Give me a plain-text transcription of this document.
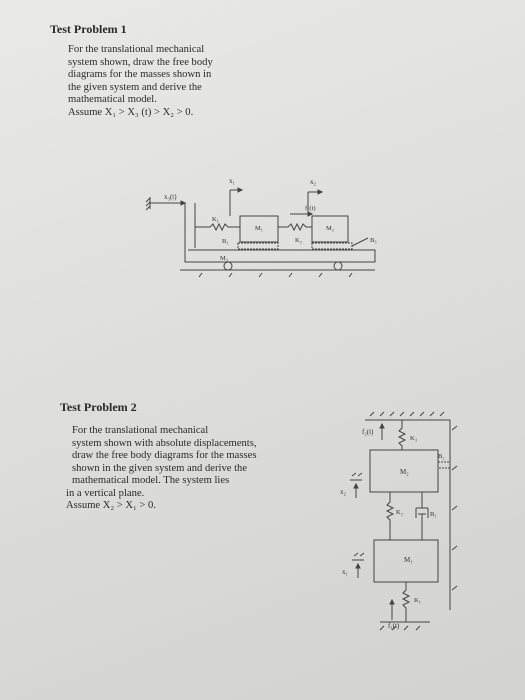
Test Problem 1
For the translational mechanical
system shown, draw the free body
diagrams for the masses shown in
the given system and derive the
mathematical model.
Assume X₁ > X₃ (t) > X₂ > 0.
x₃(t)
M₃
K₁
M₁
x₁
K₂
f₁(t)
M₂
x₂
B₁	B₃
Test Problem 2
For the translational mechanical
system shown with absolute displacements,
draw the free body diagrams for the masses
shown in the given system and derive the
mathematical model. The system lies
in a vertical plane.
Assume X₂ > X₁ > 0.
f₂(t)
K₃
M₂
B₂
x₂
K₂	B₁
M₁
x₁
K₁
f₁(t)
